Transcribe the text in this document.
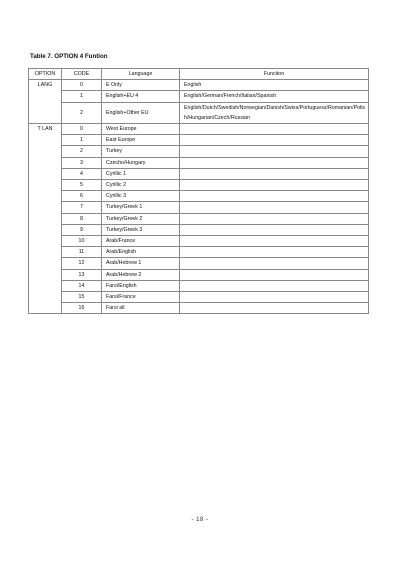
Table 7. OPTION 4 Funtion
OPTION	CODE	Language	Funciton
LANG	0	E Only	English
	1	English+EU 4	English/German/French/Italian/Spanish
	2	English+Other EU	English/Dutch/Swedish/Norwegian/Danish/Swiss/Portuguess/Romanian/Polish/Hungarian/Czech/Russian
T LAN	0	West Europe	
	1	East Europe	
	2	Turkey	
	3	Czecho/Hungary	
	4	Cyrillic 1	
	5	Cyrillic 2	
	6	Cyrillic 3	
	7	Turkey/Greek 1	
	8	Turkey/Greek 2	
	9	Turkey/Greek 3	
	10	Arab/France	
	11	Arab/English	
	12	Arab/Hebrew 1	
	13	Arab/Hebrew 2	
	14	Farsi/English	
	15	Farsi/France	
	16	Farsi all	
- 18 -
